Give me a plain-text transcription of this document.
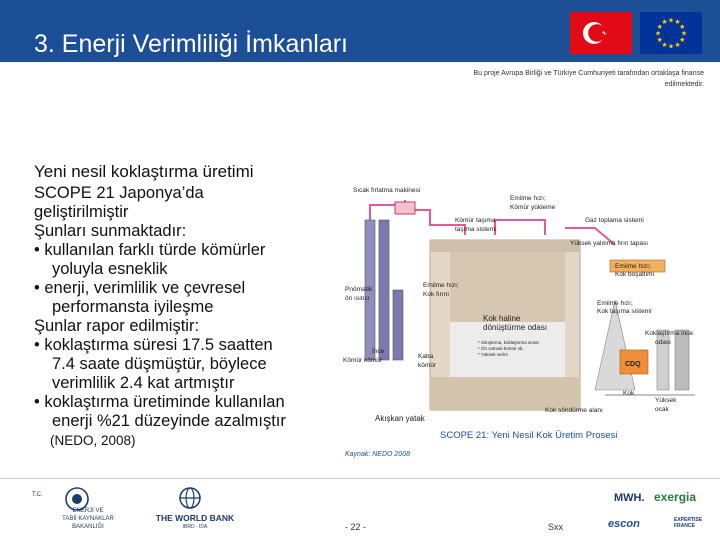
3. Enerji Verimliliği İmkanları	★
★
★
★
★
★
★
★
★ ★ ★
★
Bu proje Avrupa Birliği ve Türkiye Cumhuriyeti tarafından ortaklaşa finanse edilmektedir.
Yeni nesil koklaştırma üretimi
SCOPE 21 Japonya’da
geliştirilmiştir
Şunları sunmaktadır:
• kullanılan farklı türde kömürler
yoluyla esneklik
• enerji, verimlilik ve çevresel
performansta iyileşme
Şunlar rapor edilmiştir:
• koklaştırma süresi 17.5 saatten
7.4 saate düşmüştür, böylece
verimlilik 2.4 kat artmıştır
• koklaştırma üretiminde kullanılan
enerji %21 düzeyinde azalmıştır
(NEDO, 2008)
Sıcak fırlatma makinesi
Emilme hızı;
Kömür yükleme
Kömür taşıma
taşıma sistemi
Gaz toplama sistemi
Yüksek yalıtımlı fırın tapası
Emilme hızı;
Kok boşaltımı
Pnömatik
ön ısıtıcı
Emilme hızı;
Kok fırını
Emilme hızı;
Kok taşıma sistemi
Kok haline
dönüştürme odası
Koklaştırma ince
odası
İnce
Kömür kömür
Kaba
kömür
* Sıkıştırma, koklaştırma sırası
* Ön ısıtmalı kömür vb.
* Yüksek verim
CDQ
Kok
Yüksek
ocak
Kok söndürme alanı
Akışkan yatak
SCOPE 21: Yeni Nesil Kok Üretim Prosesi
Kaynak: NEDO 2008
T.C.
ENERJİ VE
TABİİ KAYNAKLAR
BAKANLIĞI
THE WORLD BANK
IBRD · IDA	- 22 -	Sxx
MWH. exergia
escon	EXPERTISE FRANCE
